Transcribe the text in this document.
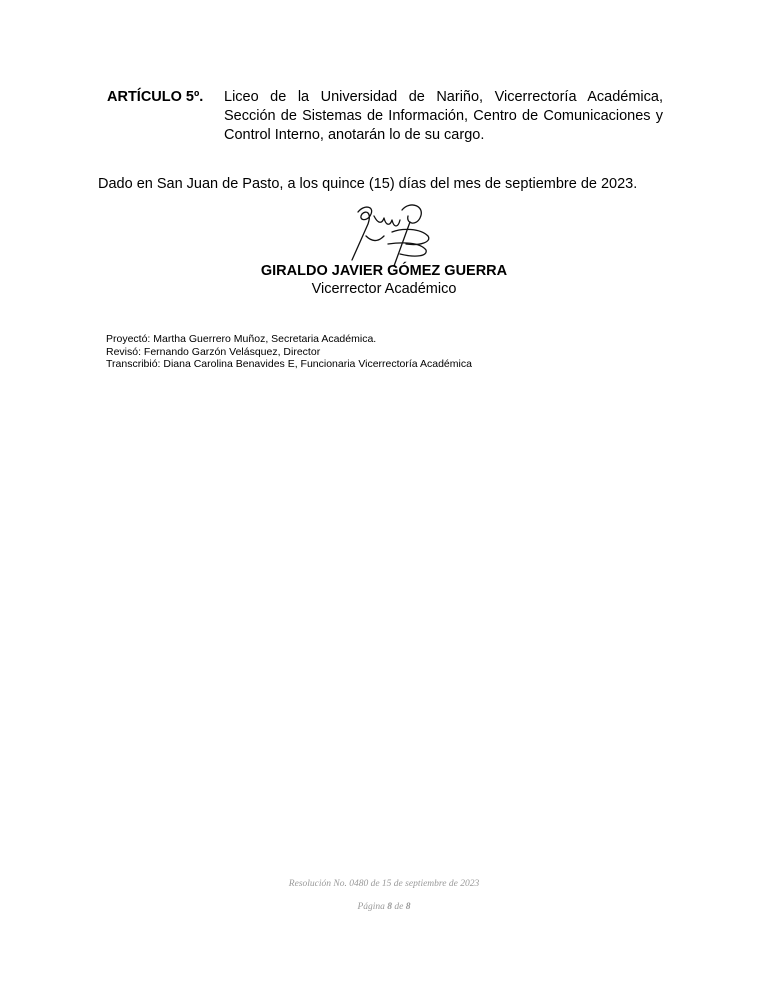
ARTÍCULO 5º. Liceo de la Universidad de Nariño, Vicerrectoría Académica, Sección de Sistemas de Información, Centro de Comunicaciones y Control Interno, anotarán lo de su cargo.
Dado en San Juan de Pasto, a los quince (15) días del mes de septiembre de 2023.
GIRALDO JAVIER GÓMEZ GUERRA
Vicerrector Académico
Proyectó: Martha Guerrero Muñoz, Secretaria Académica.
Revisó: Fernando Garzón Velásquez, Director
Transcribió: Diana Carolina Benavides E, Funcionaria Vicerrectoría Académica
Resolución No. 0480 de 15 de septiembre de 2023
Página 8 de 8
